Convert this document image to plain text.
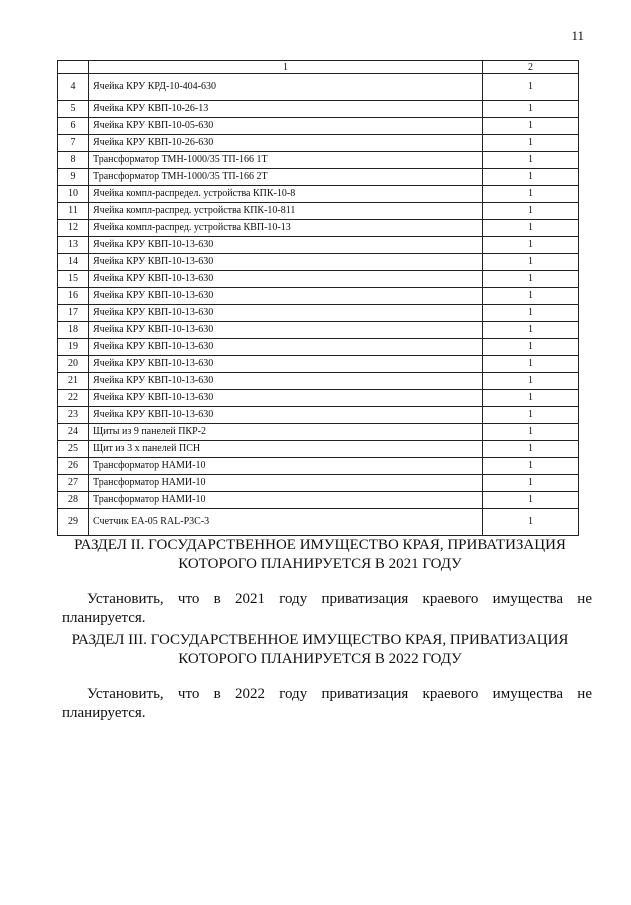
11
	1	2
4	Ячейка КРУ КРД-10-404-630	1
5	Ячейка КРУ КВП-10-26-13	1
6	Ячейка КРУ КВП-10-05-630	1
7	Ячейка КРУ КВП-10-26-630	1
8	Трансформатор ТМН-1000/35 ТП-166 1Т	1
9	Трансформатор ТМН-1000/35 ТП-166 2Т	1
10	Ячейка компл-распредел. устройства КПК-10-8	1
11	Ячейка компл-распред. устройства КПК-10-811	1
12	Ячейка компл-распред. устройства КВП-10-13	1
13	Ячейка КРУ КВП-10-13-630	1
14	Ячейка КРУ КВП-10-13-630	1
15	Ячейка КРУ КВП-10-13-630	1
16	Ячейка КРУ КВП-10-13-630	1
17	Ячейка КРУ КВП-10-13-630	1
18	Ячейка КРУ КВП-10-13-630	1
19	Ячейка КРУ КВП-10-13-630	1
20	Ячейка КРУ КВП-10-13-630	1
21	Ячейка КРУ КВП-10-13-630	1
22	Ячейка КРУ КВП-10-13-630	1
23	Ячейка КРУ КВП-10-13-630	1
24	Щиты из 9 панелей ПКР-2	1
25	Щит из 3 х панелей ПСН	1
26	Трансформатор НАМИ-10	1
27	Трансформатор НАМИ-10	1
28	Трансформатор НАМИ-10	1
29	Счетчик ЕА-05 RAL-P3C-3	1

РАЗДЕЛ II. ГОСУДАРСТВЕННОЕ ИМУЩЕСТВО КРАЯ, ПРИВАТИЗАЦИЯ
КОТОРОГО ПЛАНИРУЕТСЯ В 2021 ГОДУ

Установить, что в 2021 году приватизация краевого имущества не планируется.

РАЗДЕЛ III. ГОСУДАРСТВЕННОЕ ИМУЩЕСТВО КРАЯ, ПРИВАТИЗАЦИЯ
КОТОРОГО ПЛАНИРУЕТСЯ В 2022 ГОДУ

Установить, что в 2022 году приватизация краевого имущества не планируется.
